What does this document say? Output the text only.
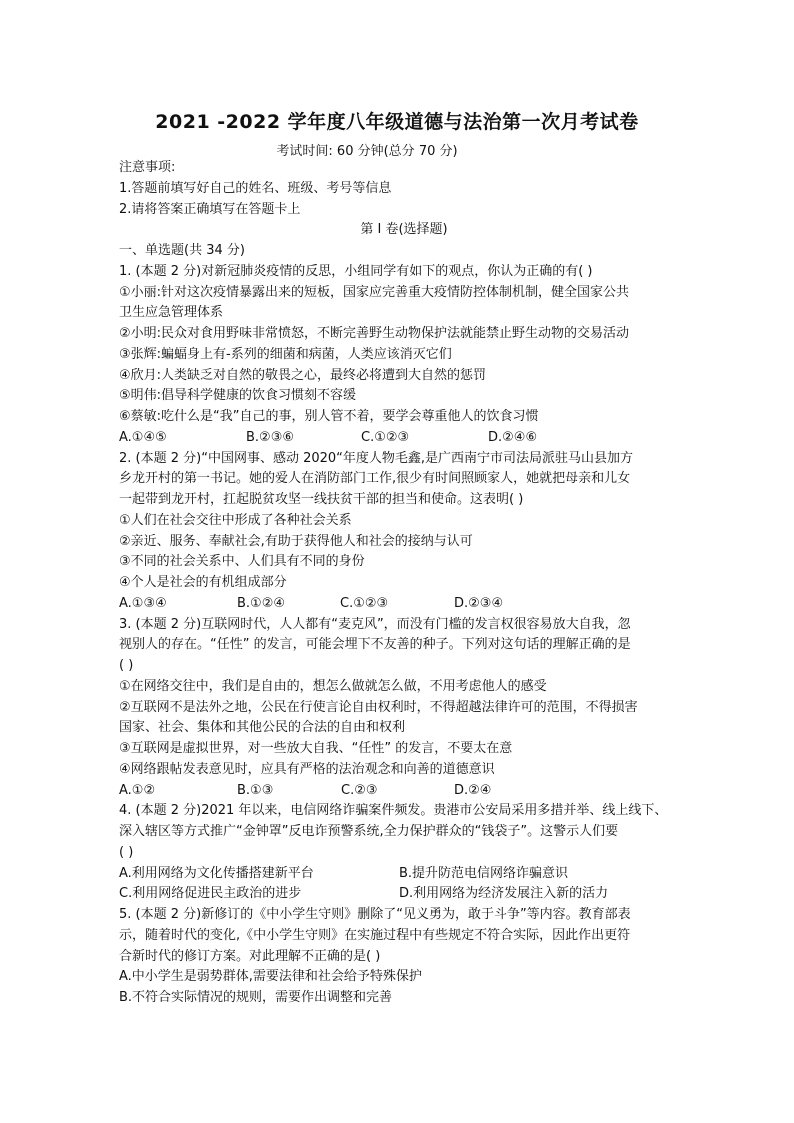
2021 -2022 学年度八年级道德与法治第一次月考试卷
考试时间: 60 分钟(总分 70 分)
注意事项:
1.答题前填写好自己的姓名、班级、考号等信息
2.请将答案正确填写在答题卡上
第 I 卷(选择题)
一、单选题(共 34 分)
1. (本题 2 分)对新冠肺炎疫情的反思，小组同学有如下的观点，你认为正确的有( )
①小丽:针对这次疫情暴露出来的短板，国家应完善重大疫情防控体制机制，健全国家公共
卫生应急管理体系
②小明:民众对食用野味非常愤怒，不断完善野生动物保护法就能禁止野生动物的交易活动
③张辉:蝙蝠身上有-系列的细菌和病菌，人类应该消灭它们
④欣月:人类缺乏对自然的敬畏之心，最终必将遭到大自然的惩罚
⑤明伟:倡导科学健康的饮食习惯刻不容缓
⑥蔡敏:吃什么是“我”自己的事，别人管不着，要学会尊重他人的饮食习惯
A.①④⑤	B.②③⑥	C.①②③	D.②④⑥
2. (本题 2 分)“中国网事、感动 2020“年度人物毛鑫,是广西南宁市司法局派驻马山县加方
乡龙开村的第一书记。她的爱人在消防部门工作,很少有时间照顾家人，她就把母亲和儿女
一起带到龙开村，扛起脱贫攻坚一线扶贫干部的担当和使命。这表明( )
①人们在社会交往中形成了各种社会关系
②亲近、服务、奉献社会,有助于获得他人和社会的接纳与认可
③不同的社会关系中、人们具有不同的身份
④个人是社会的有机组成部分
A.①③④	B.①②④	C.①②③	D.②③④
3. (本题 2 分)互联网时代，人人都有“麦克风”，而没有门槛的发言权很容易放大自我，忽
视别人的存在。“任性” 的发言，可能会埋下不友善的种子。下列对这句话的理解正确的是
( )
①在网络交往中，我们是自由的，想怎么做就怎么做，不用考虑他人的感受
②互联网不是法外之地，公民在行使言论自由权利时，不得超越法律许可的范围，不得损害
国家、社会、集体和其他公民的合法的自由和权利
③互联网是虚拟世界，对一些放大自我、“任性” 的发言，不要太在意
④网络跟帖发表意见时，应具有严格的法治观念和向善的道德意识
A.①②	B.①③	C.②③	D.②④
4. (本题 2 分)2021 年以来，电信网络诈骗案件频发。贵港市公安局采用多措并举、线上线下、
深入辖区等方式推广“金钟罩”反电诈预警系统,全力保护群众的“钱袋子”。这警示人们要
( )
A.利用网络为文化传播搭建新平台	B.提升防范电信网络诈骗意识
C.利用网络促进民主政治的进步	D.利用网络为经济发展注入新的活力
5. (本题 2 分)新修订的《中小学生守则》删除了“见义勇为，敢于斗争”等内容。教育部表
示，随着时代的变化,《中小学生守则》在实施过程中有些规定不符合实际，因此作出更符
合新时代的修订方案。对此理解不正确的是( )
A.中小学生是弱势群体,需要法律和社会给予特殊保护
B.不符合实际情况的规则，需要作出调整和完善
